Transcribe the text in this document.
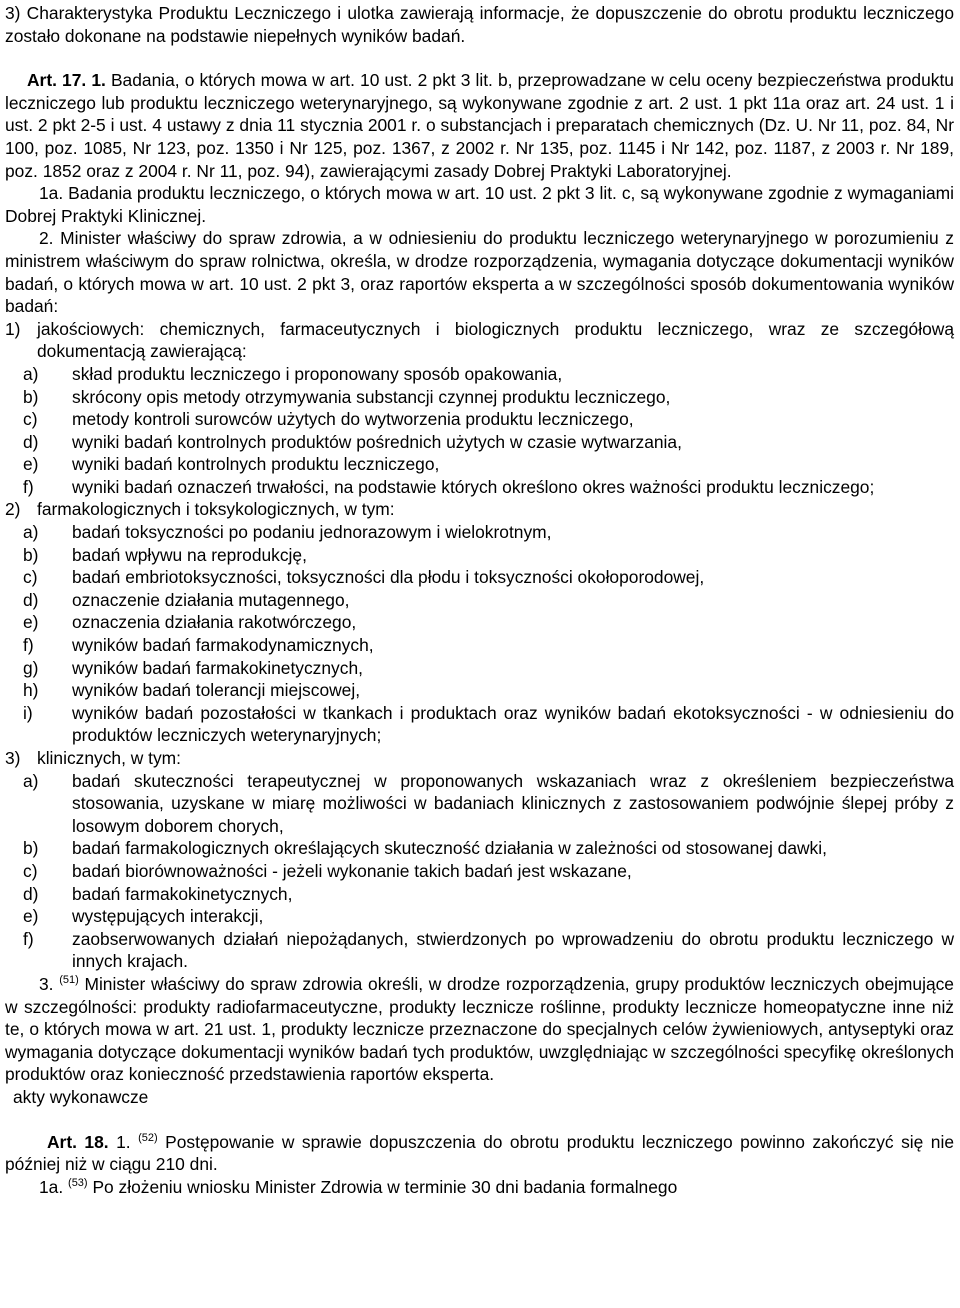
3) Charakterystyka Produktu Leczniczego i ulotka zawierają informacje, że dopuszczenie do obrotu produktu leczniczego zostało dokonane na podstawie niepełnych wyników badań.

Art. 17. 1. Badania, o których mowa w art. 10 ust. 2 pkt 3 lit. b, przeprowadzane w celu oceny bezpieczeństwa produktu leczniczego lub produktu leczniczego weterynaryjnego, są wykonywane zgodnie z art. 2 ust. 1 pkt 11a oraz art. 24 ust. 1 i ust. 2 pkt 2-5 i ust. 4 ustawy z dnia 11 stycznia 2001 r. o substancjach i preparatach chemicznych (Dz. U. Nr 11, poz. 84, Nr 100, poz. 1085, Nr 123, poz. 1350 i Nr 125, poz. 1367, z 2002 r. Nr 135, poz. 1145 i Nr 142, poz. 1187, z 2003 r. Nr 189, poz. 1852 oraz z 2004 r. Nr 11, poz. 94), zawierającymi zasady Dobrej Praktyki Laboratoryjnej.

1a. Badania produktu leczniczego, o których mowa w art. 10 ust. 2 pkt 3 lit. c, są wykonywane zgodnie z wymaganiami Dobrej Praktyki Klinicznej.

2. Minister właściwy do spraw zdrowia, a w odniesieniu do produktu leczniczego weterynaryjnego w porozumieniu z ministrem właściwym do spraw rolnictwa, określa, w drodze rozporządzenia, wymagania dotyczące dokumentacji wyników badań, o których mowa w art. 10 ust. 2 pkt 3, oraz raportów eksperta a w szczególności sposób dokumentowania wyników badań:

1) jakościowych: chemicznych, farmaceutycznych i biologicznych produktu leczniczego, wraz ze szczegółową dokumentacją zawierającą:

a) skład produktu leczniczego i proponowany sposób opakowania,

b) skrócony opis metody otrzymywania substancji czynnej produktu leczniczego,

c) metody kontroli surowców użytych do wytworzenia produktu leczniczego,

d) wyniki badań kontrolnych produktów pośrednich użytych w czasie wytwarzania,

e) wyniki badań kontrolnych produktu leczniczego,

f) wyniki badań oznaczeń trwałości, na podstawie których określono okres ważności produktu leczniczego;

2) farmakologicznych i toksykologicznych, w tym:

a) badań toksyczności po podaniu jednorazowym i wielokrotnym,

b) badań wpływu na reprodukcję,

c) badań embriotoksyczności, toksyczności dla płodu i toksyczności okołoporodowej,

d) oznaczenie działania mutagennego,

e) oznaczenia działania rakotwórczego,

f) wyników badań farmakodynamicznych,

g) wyników badań farmakokinetycznych,

h) wyników badań tolerancji miejscowej,

i) wyników badań pozostałości w tkankach i produktach oraz wyników badań ekotoksyczności - w odniesieniu do produktów leczniczych weterynaryjnych;

3) klinicznych, w tym:

a) badań skuteczności terapeutycznej w proponowanych wskazaniach wraz z określeniem bezpieczeństwa stosowania, uzyskane w miarę możliwości w badaniach klinicznych z zastosowaniem podwójnie ślepej próby z losowym doborem chorych,

b) badań farmakologicznych określających skuteczność działania w zależności od stosowanej dawki,

c) badań biorównoważności - jeżeli wykonanie takich badań jest wskazane,

d) badań farmakokinetycznych,

e) występujących interakcji,

f) zaobserwowanych działań niepożądanych, stwierdzonych po wprowadzeniu do obrotu produktu leczniczego w innych krajach.

3. $^{(51)}$ Minister właściwy do spraw zdrowia określi, w drodze rozporządzenia, grupy produktów leczniczych obejmujące w szczególności: produkty radiofarmaceutyczne, produkty lecznicze roślinne, produkty lecznicze homeopatyczne inne niż te, o których mowa w art. 21 ust. 1, produkty lecznicze przeznaczone do specjalnych celów żywieniowych, antyseptyki oraz wymagania dotyczące dokumentacji wyników badań tych produktów, uwzględniając w szczególności specyfikę określonych produktów oraz konieczność przedstawienia raportów eksperta.

akty wykonawcze

Art. 18. 1. $^{(52)}$ Postępowanie w sprawie dopuszczenia do obrotu produktu leczniczego powinno zakończyć się nie później niż w ciągu 210 dni.

1a. $^{(53)}$ Po złożeniu wniosku Minister Zdrowia w terminie 30 dni badania formalnego
